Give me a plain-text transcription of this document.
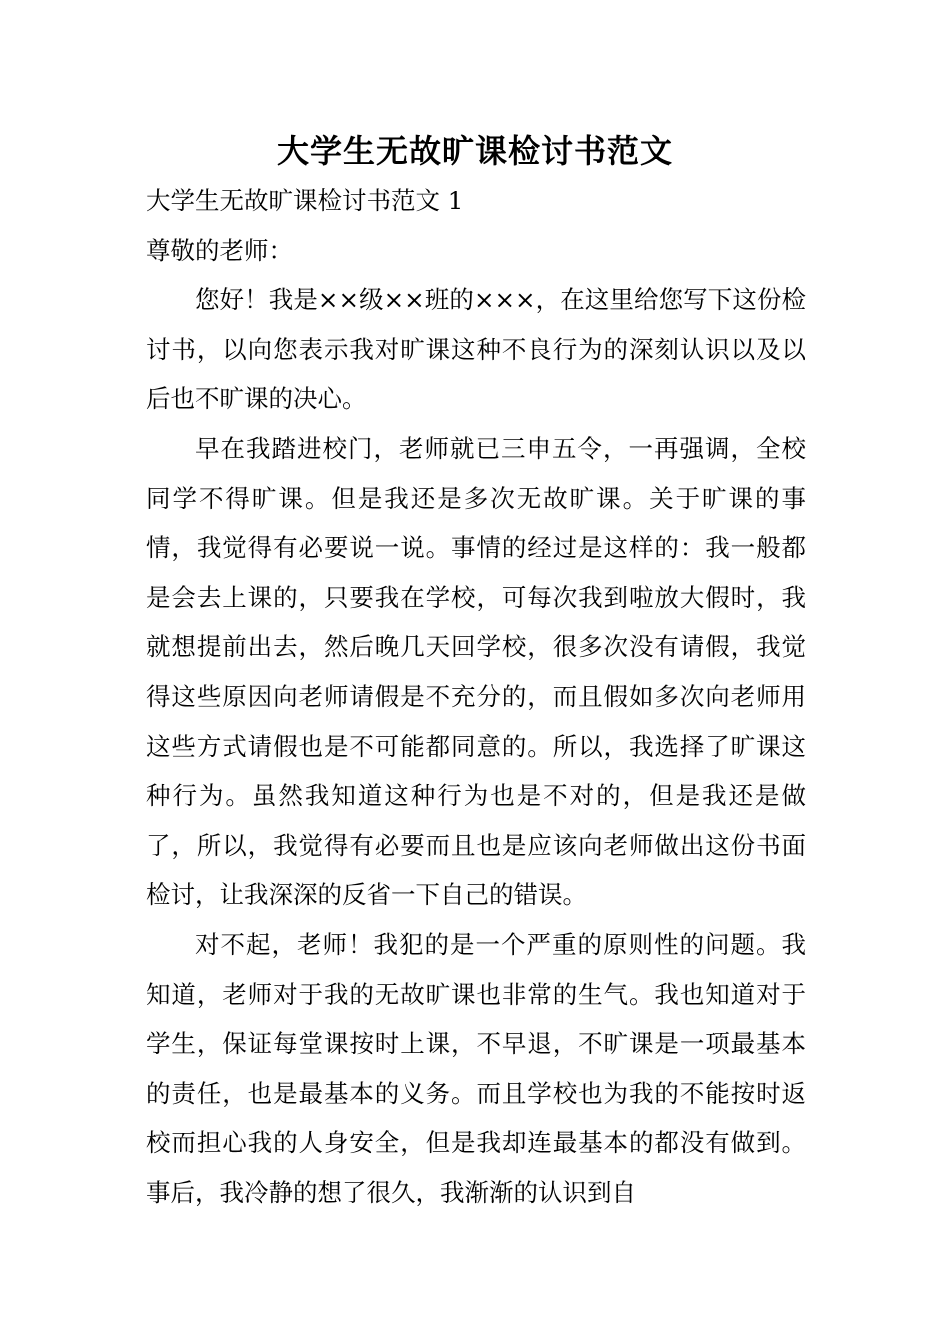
大学生无故旷课检讨书范文

大学生无故旷课检讨书范文 1

尊敬的老师：

您好！我是××级××班的×××，在这里给您写下这份检讨书，以向您表示我对旷课这种不良行为的深刻认识以及以后也不旷课的决心。

早在我踏进校门，老师就已三申五令，一再强调，全校同学不得旷课。但是我还是多次无故旷课。关于旷课的事情，我觉得有必要说一说。事情的经过是这样的：我一般都是会去上课的，只要我在学校，可每次我到啦放大假时，我就想提前出去，然后晚几天回学校，很多次没有请假，我觉得这些原因向老师请假是不充分的，而且假如多次向老师用这些方式请假也是不可能都同意的。所以，我选择了旷课这种行为。虽然我知道这种行为也是不对的，但是我还是做了，所以，我觉得有必要而且也是应该向老师做出这份书面检讨，让我深深的反省一下自己的错误。

对不起，老师！我犯的是一个严重的原则性的问题。我知道，老师对于我的无故旷课也非常的生气。我也知道对于学生，保证每堂课按时上课，不早退，不旷课是一项最基本的责任，也是最基本的义务。而且学校也为我的不能按时返校而担心我的人身安全，但是我却连最基本的都没有做到。事后，我冷静的想了很久，我渐渐的认识到自
